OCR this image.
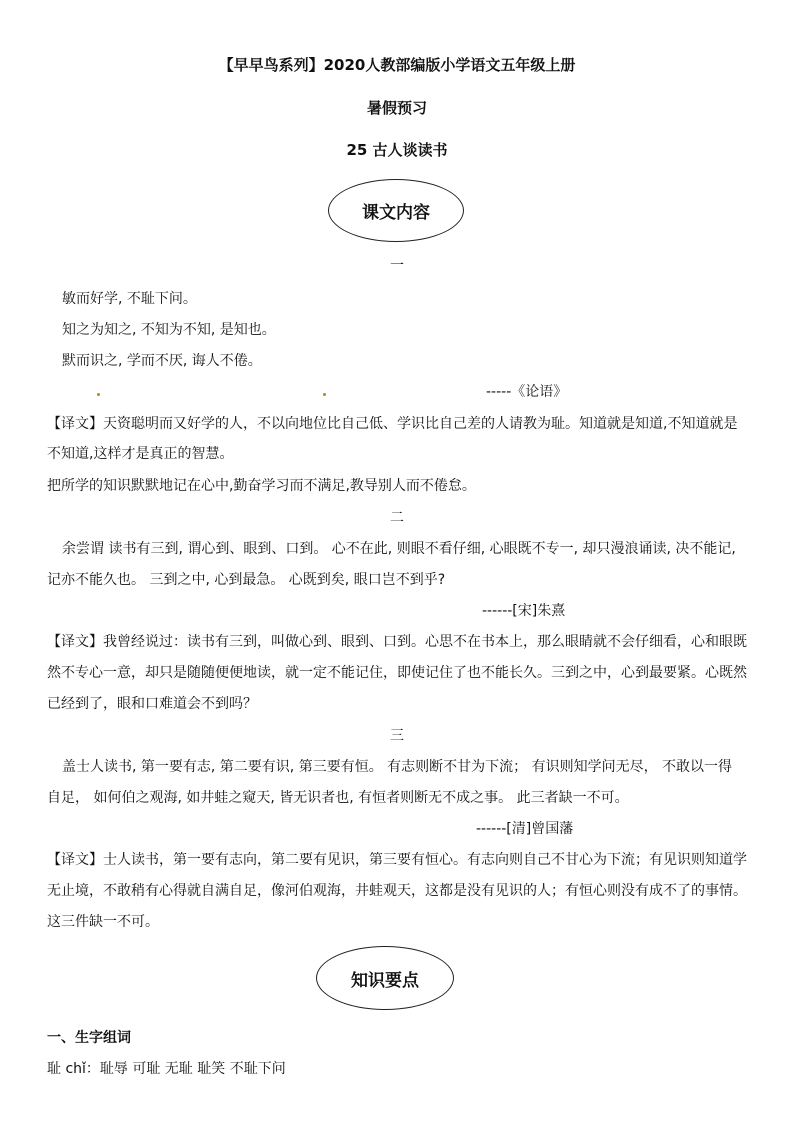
【早早鸟系列】2020人教部编版小学语文五年级上册
暑假预习
25 古人谈读书
课文内容
一
敏而好学, 不耻下问。
知之为知之, 不知为不知, 是知也。
默而识之, 学而不厌, 诲人不倦。
-----《论语》
【译文】天资聪明而又好学的人，不以向地位比自己低、学识比自己差的人请教为耻。知道就是知道,不知道就是
不知道,这样才是真正的智慧。
把所学的知识默默地记在心中,勤奋学习而不满足,教导别人而不倦怠。
二
余尝谓 读书有三到, 谓心到、眼到、口到。 心不在此, 则眼不看仔细, 心眼既不专一, 却只漫浪诵读, 决不能记,
记亦不能久也。 三到之中, 心到最急。 心既到矣, 眼口岂不到乎?
------[宋]朱熹
【译文】我曾经说过：读书有三到，叫做心到、眼到、口到。心思不在书本上，那么眼睛就不会仔细看，心和眼既
然不专心一意，却只是随随便便地读，就一定不能记住，即使记住了也不能长久。三到之中，心到最要紧。心既然
已经到了，眼和口难道会不到吗？
三
盖士人读书, 第一要有志, 第二要有识, 第三要有恒。 有志则断不甘为下流； 有识则知学问无尽， 不敢以一得
自足， 如何伯之观海, 如井蛙之窥天, 皆无识者也, 有恒者则断无不成之事。 此三者缺一不可。
------[清]曾国藩
【译文】士人读书，第一要有志向，第二要有见识，第三要有恒心。有志向则自己不甘心为下流；有见识则知道学
无止境，不敢稍有心得就自满自足，像河伯观海，井蛙观天，这都是没有见识的人；有恒心则没有成不了的事情。
这三件缺一不可。
知识要点
一、生字组词
耻 chǐ：耻辱 可耻 无耻 耻笑 不耻下问
